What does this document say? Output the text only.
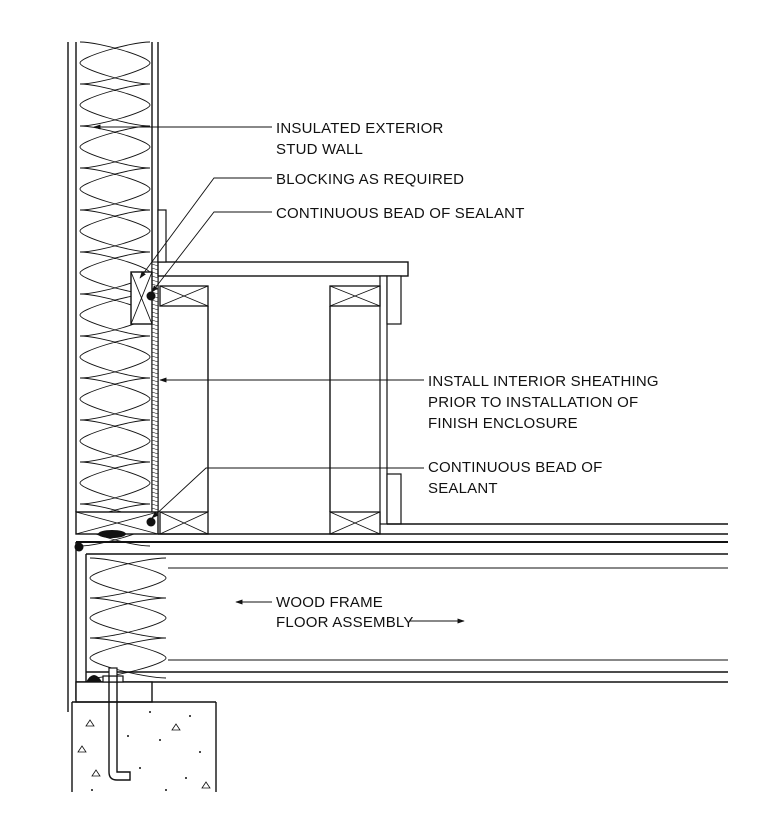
INSULATED EXTERIOR STUD WALL
BLOCKING AS REQUIRED
CONTINUOUS BEAD OF SEALANT
INSTALL INTERIOR SHEATHING PRIOR TO INSTALLATION OF FINISH ENCLOSURE
CONTINUOUS BEAD OF SEALANT
WOOD FRAME FLOOR ASSEMBLY
